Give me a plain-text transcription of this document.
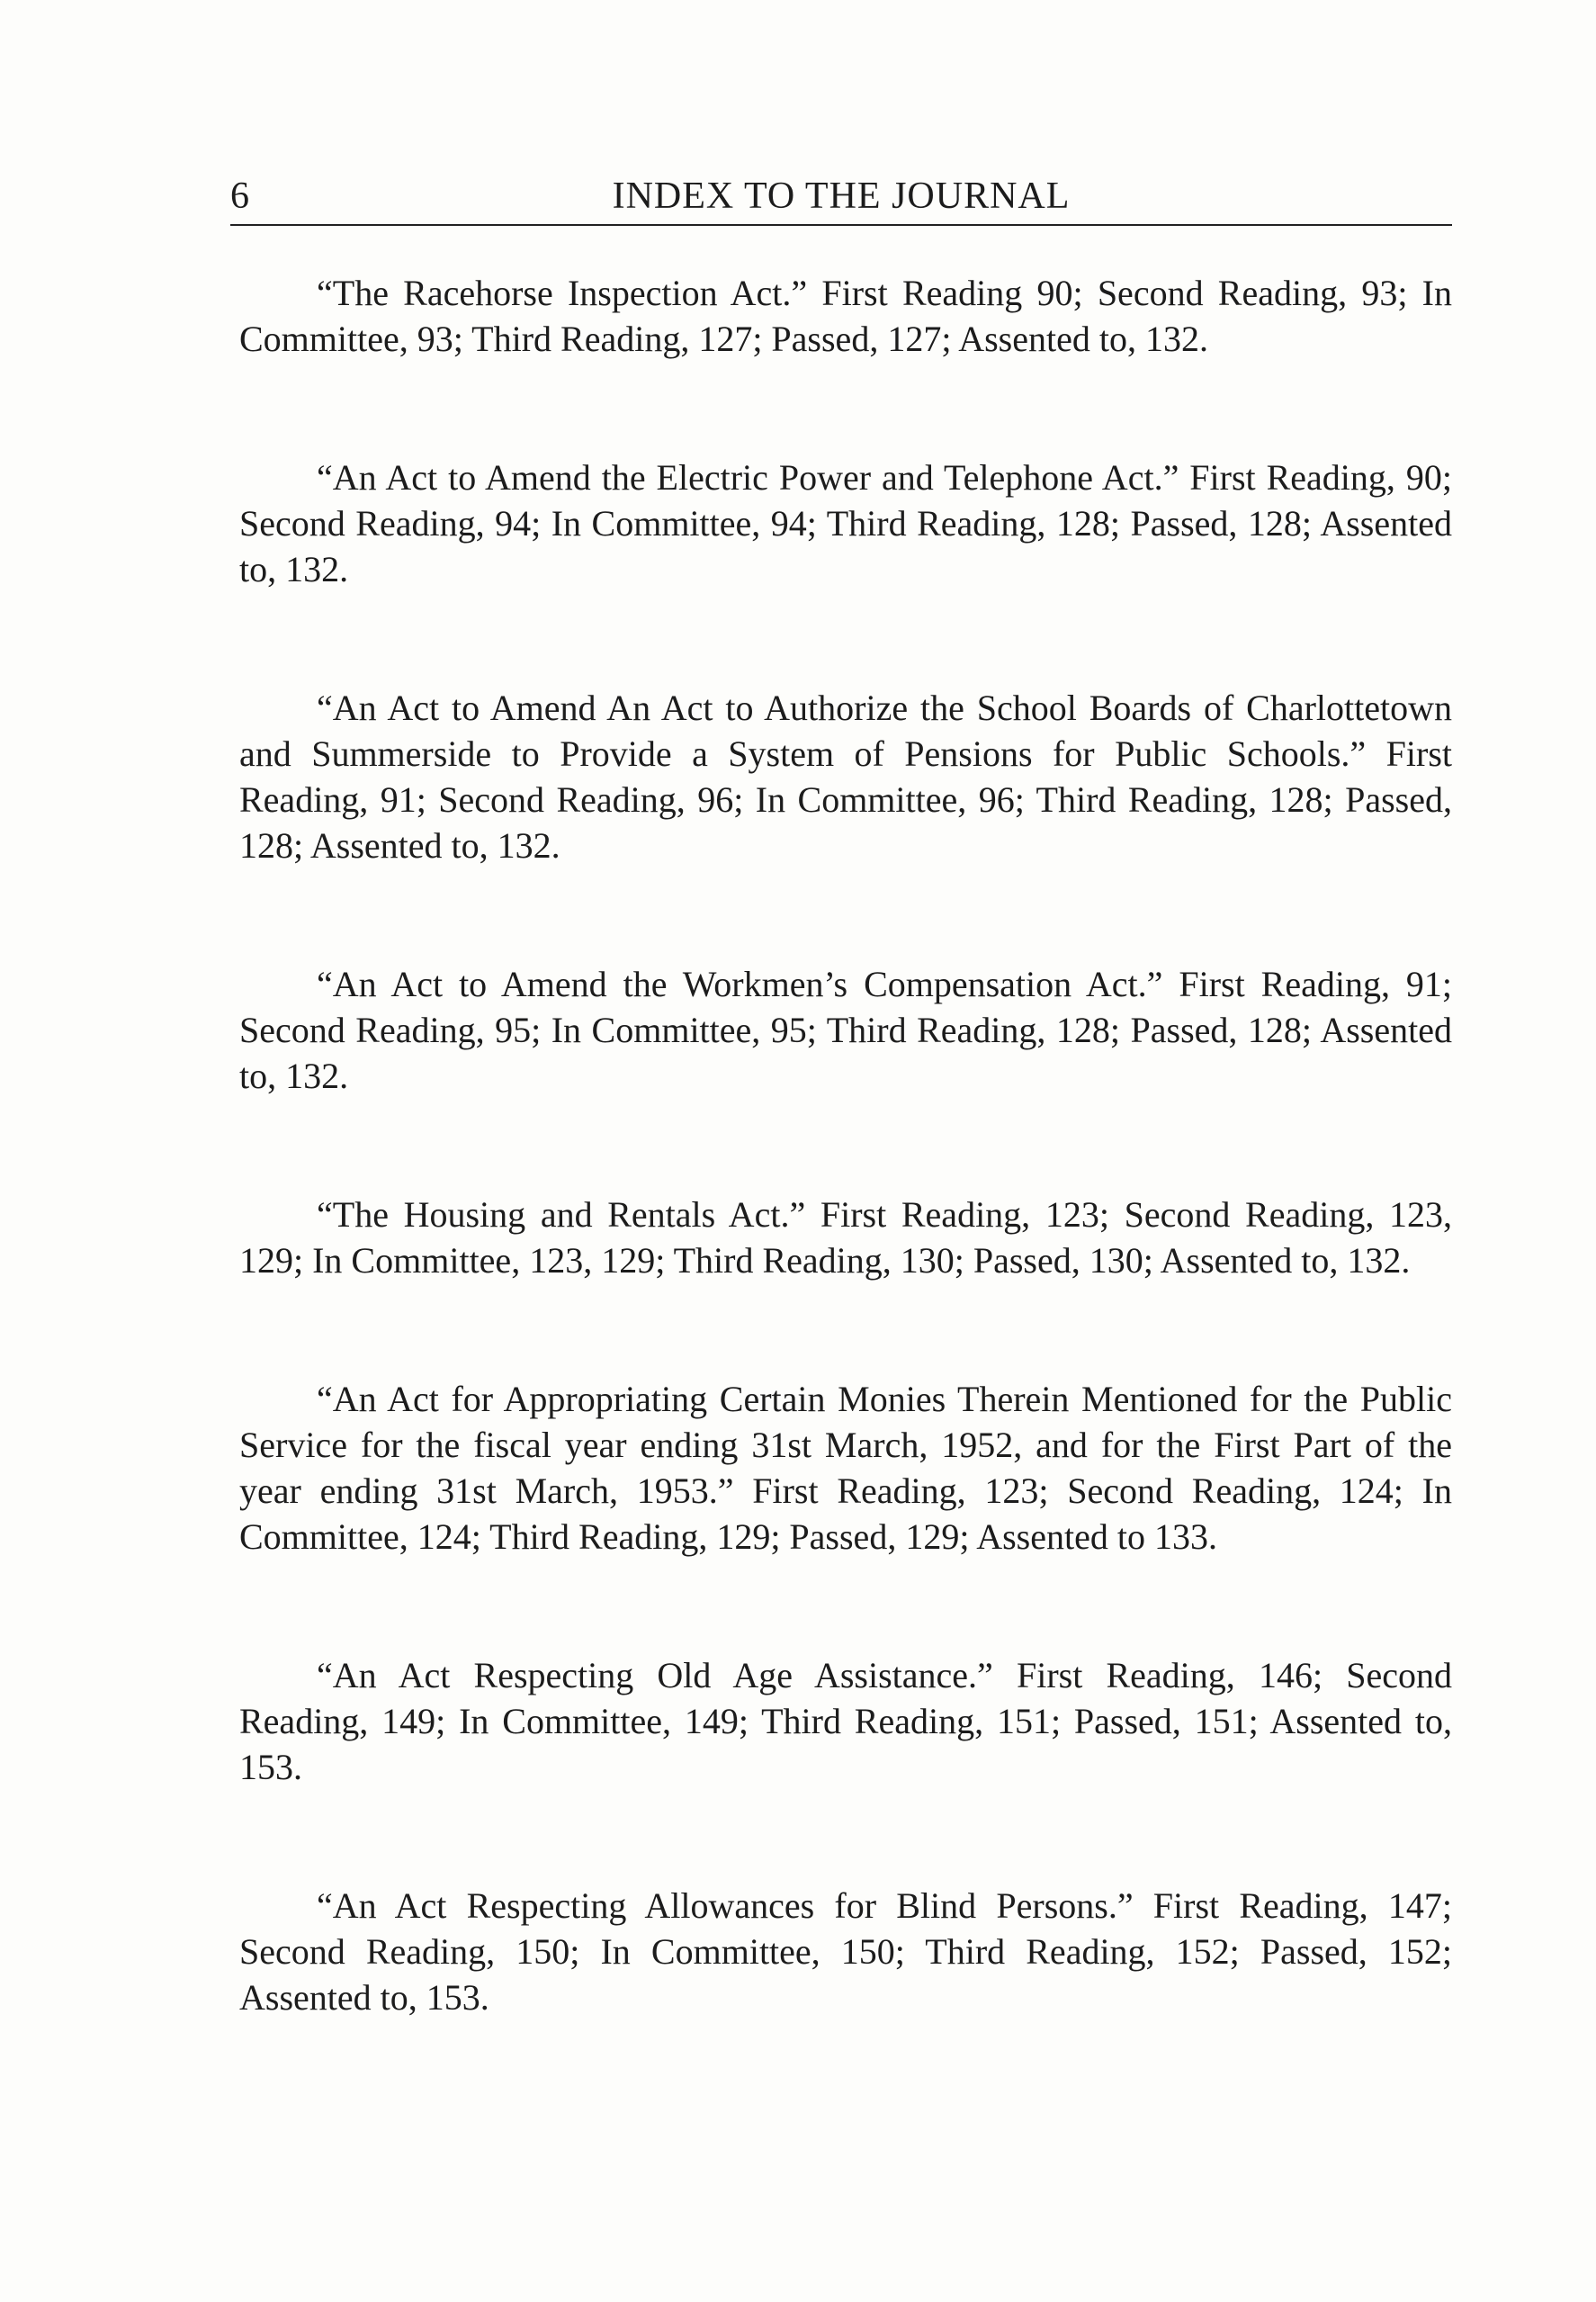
6	INDEX TO THE JOURNAL

“The Racehorse Inspection Act.” First Reading 90; Second Reading, 93; In Committee, 93; Third Reading, 127; Passed, 127; Assented to, 132.

“An Act to Amend the Electric Power and Telephone Act.” First Reading, 90; Second Reading, 94; In Committee, 94; Third Reading, 128; Passed, 128; Assented to, 132.

“An Act to Amend An Act to Authorize the School Boards of Charlottetown and Summerside to Provide a System of Pensions for Public Schools.” First Reading, 91; Second Reading, 96; In Committee, 96; Third Reading, 128; Passed, 128; Assented to, 132.

“An Act to Amend the Workmen’s Compensation Act.” First Reading, 91; Second Reading, 95; In Committee, 95; Third Reading, 128; Passed, 128; Assented to, 132.

“The Housing and Rentals Act.” First Reading, 123; Second Reading, 123, 129; In Committee, 123, 129; Third Reading, 130; Passed, 130; Assented to, 132.

“An Act for Appropriating Certain Monies Therein Mentioned for the Public Service for the fiscal year ending 31st March, 1952, and for the First Part of the year ending 31st March, 1953.” First Reading, 123; Second Reading, 124; In Committee, 124; Third Reading, 129; Passed, 129; Assented to 133.

“An Act Respecting Old Age Assistance.” First Reading, 146; Second Reading, 149; In Committee, 149; Third Reading, 151; Passed, 151; Assented to, 153.

“An Act Respecting Allowances for Blind Persons.” First Reading, 147; Second Reading, 150; In Committee, 150; Third Reading, 152; Passed, 152; Assented to, 153.
